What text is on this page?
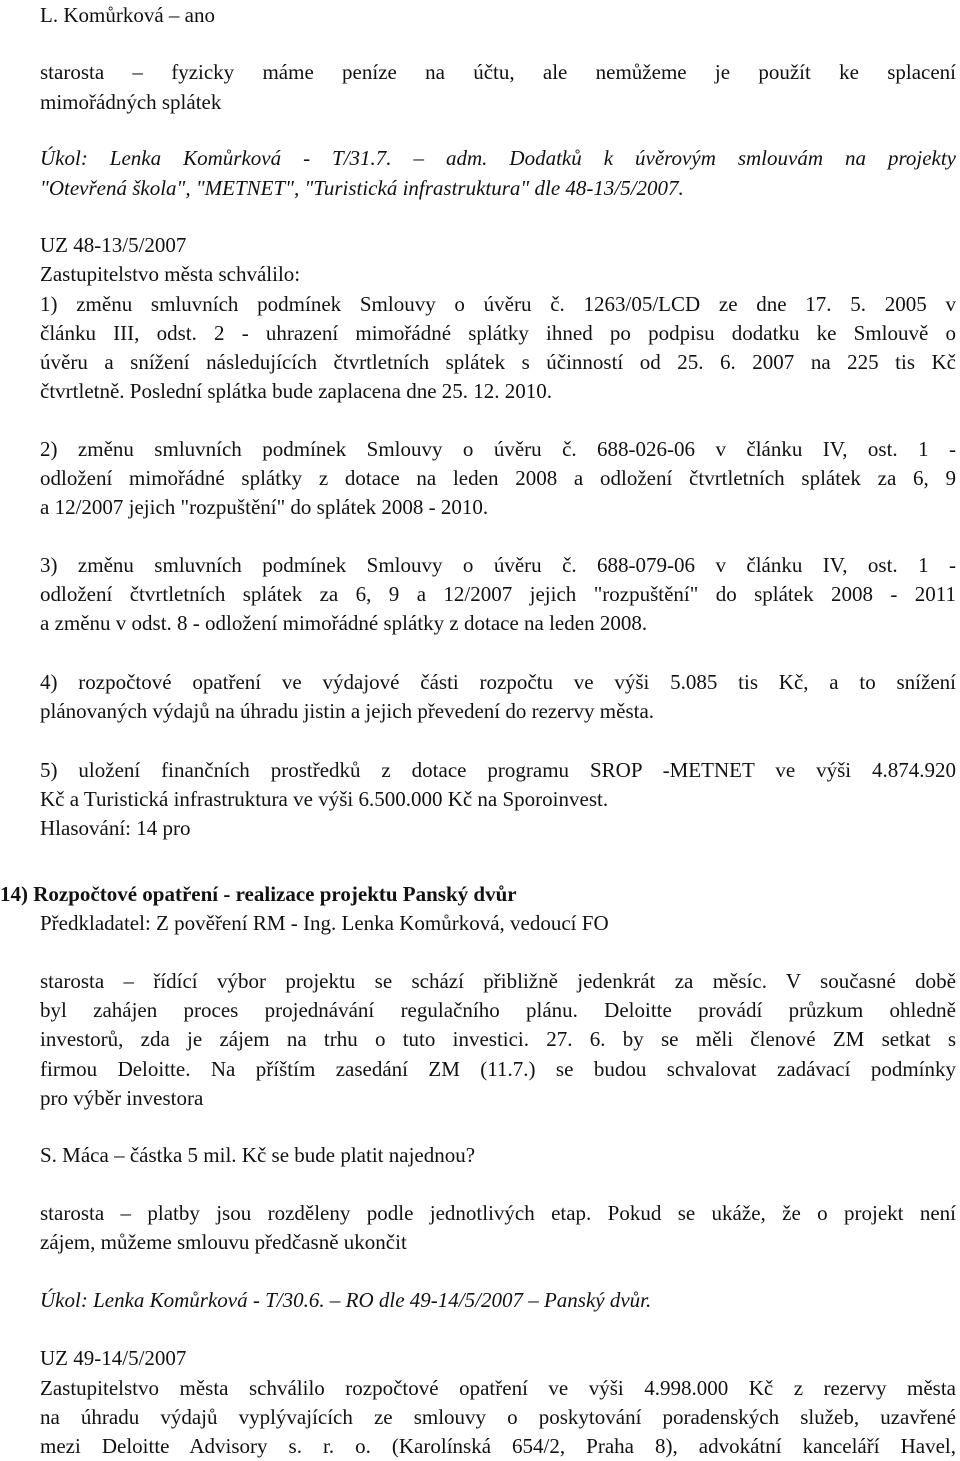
L. Komůrková – ano
starosta – fyzicky máme peníze na účtu, ale nemůžeme je použít ke splacení
mimořádných splátek
Úkol: Lenka Komůrková - T/31.7. – adm. Dodatků k úvěrovým smlouvám na projekty
"Otevřená škola", "METNET", "Turistická infrastruktura" dle 48-13/5/2007.
UZ 48-13/5/2007
Zastupitelstvo města schválilo:
1) změnu smluvních podmínek Smlouvy o úvěru č. 1263/05/LCD ze dne 17. 5. 2005 v
článku III, odst. 2 - uhrazení mimořádné splátky ihned po podpisu dodatku ke Smlouvě o
úvěru a snížení následujících čtvrtletních splátek s účinností od 25. 6. 2007 na 225 tis Kč
čtvrtletně. Poslední splátka bude zaplacena dne 25. 12. 2010.
2) změnu smluvních podmínek Smlouvy o úvěru č. 688-026-06 v článku IV, ost. 1 -
odložení mimořádné splátky z dotace na leden 2008 a odložení čtvrtletních splátek za 6, 9
a 12/2007 jejich "rozpuštění" do splátek 2008 - 2010.
3) změnu smluvních podmínek Smlouvy o úvěru č. 688-079-06 v článku IV, ost. 1 -
odložení čtvrtletních splátek za 6, 9 a 12/2007 jejich "rozpuštění" do splátek 2008 - 2011
a změnu v odst. 8 - odložení mimořádné splátky z dotace na leden 2008.
4) rozpočtové opatření ve výdajové části rozpočtu ve výši 5.085 tis Kč, a to snížení
plánovaných výdajů na úhradu jistin a jejich převedení do rezervy města.
5) uložení finančních prostředků z dotace programu SROP -METNET ve výši 4.874.920
Kč a Turistická infrastruktura ve výši 6.500.000 Kč na Sporoinvest.
Hlasování: 14 pro
14) Rozpočtové opatření - realizace projektu Panský dvůr
Předkladatel: Z pověření RM - Ing. Lenka Komůrková, vedoucí FO
starosta – řídící výbor projektu se schází přibližně jedenkrát za měsíc. V současné době
byl zahájen proces projednávání regulačního plánu. Deloitte provádí průzkum ohledně
investorů, zda je zájem na trhu o tuto investici. 27. 6. by se měli členové ZM setkat s
firmou Deloitte. Na příštím zasedání ZM (11.7.) se budou schvalovat zadávací podmínky
pro výběr investora
S. Máca – částka 5 mil. Kč se bude platit najednou?
starosta – platby jsou rozděleny podle jednotlivých etap. Pokud se ukáže, že o projekt není
zájem, můžeme smlouvu předčasně ukončit
Úkol: Lenka Komůrková - T/30.6. – RO dle 49-14/5/2007 – Panský dvůr.
UZ 49-14/5/2007
Zastupitelstvo města schválilo rozpočtové opatření ve výši 4.998.000 Kč z rezervy města
na úhradu výdajů vyplývajících ze smlouvy o poskytování poradenských služeb, uzavřené
mezi Deloitte Advisory s. r. o. (Karolínská 654/2, Praha 8), advokátní kanceláří Havel,
